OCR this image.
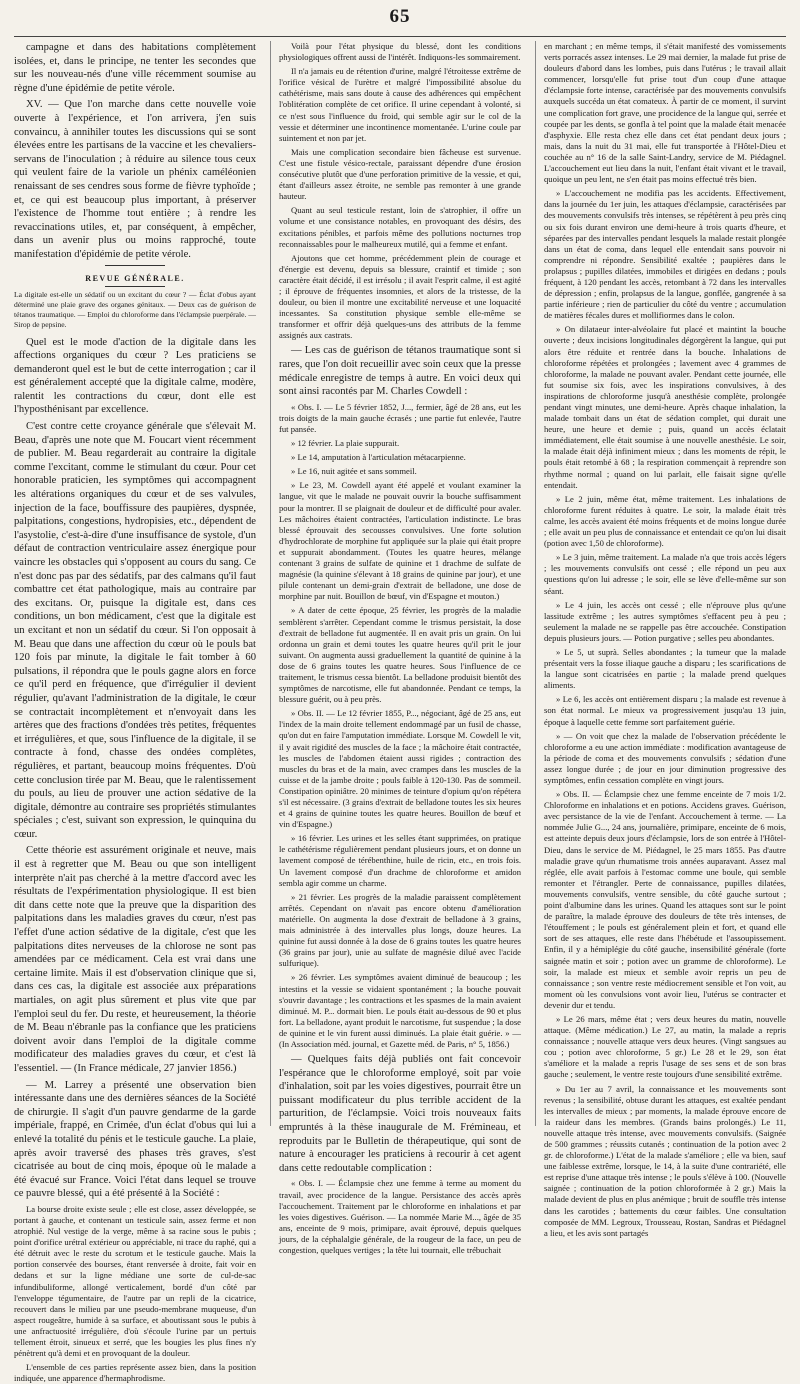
65

campagne et dans des habitations complètement isolées, et, dans le principe, ne tenter les secondes que sur les nouveau-nés d'une ville récemment soumise au règne d'une épidémie de petite vérole.

XV. — Que l'on marche dans cette nouvelle voie ouverte à l'expérience, et l'on arrivera, j'en suis convaincu, à annihiler toutes les discussions qui se sont élevées entre les partisans de la vaccine et les chevaliers-servans de l'inoculation ; à réduire au silence tous ceux qui veulent faire de la variole un phénix caméléonien renaissant de ses cendres sous forme de fièvre typhoïde ; et, ce qui est beaucoup plus important, à préserver l'existence de l'homme tout entière ; à rendre les revaccinations utiles, et, par conséquent, à empêcher, dans un avenir plus ou moins rapproché, toute manifestation d'épidémie de petite vérole.

REVUE GÉNÉRALE.
La digitale est-elle un sédatif ou un excitant du cœur ? — Éclat d'obus ayant déterminé une plaie grave des organes génitaux. — Deux cas de guérison de tétanos traumatique. — Emploi du chloroforme dans l'éclampsie puerpérale. — Sirop de pepsine.

Quel est le mode d'action de la digitale dans les affections organiques du cœur ? Les praticiens se demanderont quel est le but de cette interrogation ; car il est généralement accepté que la digitale calme, modère, ralentit les contractions du cœur, dont elle est l'hyposthénisant par excellence.

C'est contre cette croyance générale que s'élevait M. Beau, d'après une note que M. Foucart vient récemment de publier. M. Beau regarderait au contraire la digitale comme l'excitant, comme le stimulant du cœur. Pour cet honorable praticien, les symptômes qui accompagnent les altérations organiques du cœur et de ses valvules, injection de la face, bouffissure des paupières, dyspnée, palpitations, congestions, hydropisies, etc., dépendent de l'asystolie, c'est-à-dire d'une insuffisance de systole, d'un défaut de contraction ventriculaire assez énergique pour vaincre les obstacles qui s'opposent au cours du sang. Ce n'est donc pas par des sédatifs, par des calmans qu'il faut combattre cet état pathologique, mais au contraire par des excitans. Or, puisque la digitale est, dans ces conditions, un bon médicament, c'est que la digitale est un excitant et non un sédatif du cœur. Si l'on opposait à M. Beau que dans une affection du cœur où le pouls bat 120 fois par minute, la digitale le fait tomber à 60 pulsations, il répondra que le pouls gagne alors en force ce qu'il perd en fréquence, que d'irrégulier il devient régulier, qu'avant l'administration de la digitale, le cœur se contractait incomplètement et n'envoyait dans les artères que des fractions d'ondées très petites, fréquentes et irrégulières, et que, sous l'influence de la digitale, il se contracte à fond, chasse des ondées complètes, régulières, et partant, beaucoup moins fréquentes. D'où cette conclusion tirée par M. Beau, que le ralentissement du pouls, au lieu de prouver une action sédative de la digitale, démontre au contraire ses propriétés stimulantes spéciales ; c'est, suivant son expression, le quinquina du cœur.

Cette théorie est assurément originale et neuve, mais il est à regretter que M. Beau ou que son intelligent interprète n'ait pas cherché à la mettre d'accord avec les résultats de l'expérimentation physiologique. Il est bien dit dans cette note que la preuve que la disparition des palpitations dans les maladies graves du cœur, n'est pas l'effet d'une action sédative de la digitale, c'est que les palpitations dites nerveuses de la chlorose ne sont pas amendées par ce médicament. Cela est vrai dans une certaine limite. Mais il est d'observation clinique que si, dans ces cas, la digitale est associée aux préparations martiales, on agit plus sûrement et plus vite que par l'emploi seul du fer. Du reste, et heureusement, la théorie de M. Beau n'ébranle pas la confiance que les praticiens doivent avoir dans l'emploi de la digitale comme modificateur des maladies graves du cœur, et c'est là l'essentiel. — (In France médicale, 27 janvier 1856.)

— M. Larrey a présenté une observation bien intéressante dans une des dernières séances de la Société de chirurgie. Il s'agit d'un pauvre gendarme de la garde impériale, frappé, en Crimée, d'un éclat d'obus qui lui a enlevé la totalité du pénis et le testicule gauche. La plaie, après avoir traversé des phases très graves, s'est cicatrisée au bout de cinq mois, époque où le malade a été évacué sur France. Voici l'état dans lequel se trouve ce pauvre blessé, qui a été présenté à la Société :

La bourse droite existe seule ; elle est close, assez développée, se portant à gauche, et contenant un testicule sain, assez ferme et non atrophié. Nul vestige de la verge, même à sa racine sous le pubis ; point d'orifice urétral extérieur ou appréciable, ni trace du raphé, qui a été détruit avec le reste du scrotum et le testicule gauche. Mais la portion conservée des bourses, étant renversée à droite, fait voir en dedans et sur la ligne médiane une sorte de cul-de-sac infundibuliforme, allongé verticalement, bordé d'un côté par l'enveloppe tégumentaire, de l'autre par un repli de la cicatrice, recouvert dans le milieu par une pseudo-membrane muqueuse, d'un aspect rougeâtre, humide à sa surface, et aboutissant sous le pubis à une anfractuosité irrégulière, d'où s'écoule l'urine par un pertuis tellement étroit, sinueux et serré, que les bougies les plus fines n'y pénètrent qu'à demi et en provoquant de la douleur.

L'ensemble de ces parties représente assez bien, dans la position indiquée, une apparence d'hermaphrodisme.

Voilà pour l'état physique du blessé, dont les conditions physiologiques offrent aussi de l'intérêt. Indiquons-les sommairement.

Il n'a jamais eu de rétention d'urine, malgré l'étroitesse extrême de l'orifice vésical de l'urètre et malgré l'impossibilité absolue du cathétérisme, mais sans doute à cause des adhérences qui empêchent l'oblitération complète de cet orifice. Il urine cependant à volonté, si ce n'est sous l'influence du froid, qui semble agir sur le col de la vessie et déterminer une incontinence momentanée. L'urine coule par suintement et non par jet.

Mais une complication secondaire bien fâcheuse est survenue. C'est une fistule vésico-rectale, paraissant dépendre d'une érosion consécutive plutôt que d'une perforation primitive de la vessie, et qui, étant d'ailleurs assez étroite, ne semble pas remonter à une grande hauteur.

Quant au seul testicule restant, loin de s'atrophier, il offre un volume et une consistance notables, en provoquant des désirs, des excitations pénibles, et parfois même des pollutions nocturnes trop reconnaissables pour le malheureux mutilé, qui a femme et enfant.

Ajoutons que cet homme, précédemment plein de courage et d'énergie est devenu, depuis sa blessure, craintif et timide ; son caractère était décidé, il est irrésolu ; il avait l'esprit calme, il est agité ; il éprouve de fréquentes insomnies, et alors de la tristesse, de la douleur, ou bien il montre une excitabilité nerveuse et une loquacité incessantes. Sa constitution physique semble elle-même se transformer et offrir déjà quelques-uns des attributs de la femme assignés aux castrats.

— Les cas de guérison de tétanos traumatique sont si rares, que l'on doit recueillir avec soin ceux que la presse médicale enregistre de temps à autre. En voici deux qui sont ainsi racontés par M. Charles Cowdell :

« Obs. I. — Le 5 février 1852, J..., fermier, âgé de 28 ans, eut les trois doigts de la main gauche écrasés ; une partie fut enlevée, l'autre fut pansée.

» 12 février. La plaie suppurait.

» Le 14, amputation à l'articulation métacarpienne.

» Le 16, nuit agitée et sans sommeil.

» Le 23, M. Cowdell ayant été appelé et voulant examiner la langue, vit que le malade ne pouvait ouvrir la bouche suffisamment pour la montrer. Il se plaignait de douleur et de difficulté pour avaler. Les mâchoires étaient contractées, l'articulation indistincte. Le bras blessé éprouvait des secousses convulsives. Une forte solution d'hydrochlorate de morphine fut appliquée sur la plaie qui était propre et suppurait abondamment. (Toutes les quatre heures, mélange contenant 3 grains de sulfate de quinine et 1 drachme de sulfate de magnésie (la quinine s'élevant à 18 grains de quinine par jour), et une pilule contenant un demi-grain d'extrait de belladone, une dose de morphine par nuit. Bouillon de bœuf, vin d'Espagne et mouton.)

» A dater de cette époque, 25 février, les progrès de la maladie semblèrent s'arrêter. Cependant comme le trismus persistait, la dose d'extrait de belladone fut augmentée. Il en avait pris un grain. On lui ordonna un grain et demi toutes les quatre heures qu'il prit le jour suivant. On augmenta aussi graduellement la quantité de quinine à la dose de 6 grains toutes les quatre heures. Sous l'influence de ce traitement, le trismus cessa bientôt. La belladone produisit bientôt des symptômes de narcotisme, elle fut abandonnée. Pendant ce temps, la blessure guérit, ou à peu près.

» Obs. II. — Le 12 février 1855, P..., négociant, âgé de 25 ans, eut l'index de la main droite tellement endommagé par un fusil de chasse, qu'on dut en faire l'amputation immédiate. Lorsque M. Cowdell le vit, il y avait rigidité des muscles de la face ; la mâchoire était contractée, les muscles de l'abdomen étaient aussi rigides ; contraction des muscles du bras et de la main, avec crampes dans les muscles de la cuisse et de la jambe droite ; pouls faible à 120-130. Pas de sommeil. Constipation opiniâtre. 20 minimes de teinture d'opium qu'on répétera s'il est nécessaire. (3 grains d'extrait de belladone toutes les six heures et 4 grains de quinine toutes les quatre heures. Bouillon de bœuf et vin d'Espagne.)

» 16 février. Les urines et les selles étant supprimées, on pratique le cathétérisme régulièrement pendant plusieurs jours, et on donne un lavement composé de térébenthine, huile de ricin, etc., en trois fois. Un lavement composé d'un drachme de chloroforme et amidon sembla agir comme un charme.

» 21 février. Les progrès de la maladie paraissent complètement arrêtés. Cependant on n'avait pas encore obtenu d'amélioration matérielle. On augmenta la dose d'extrait de belladone à 3 grains, mais administrée à des intervalles plus longs, douze heures. La quinine fut aussi donnée à la dose de 6 grains toutes les quatre heures (36 grains par jour), unie au sulfate de magnésie dilué avec l'acide sulfurique).

» 26 février. Les symptômes avaient diminué de beaucoup ; les intestins et la vessie se vidaient spontanément ; la bouche pouvait s'ouvrir davantage ; les contractions et les spasmes de la main avaient diminué. M. P... dormait bien. Le pouls était au-dessous de 90 et plus fort. La belladone, ayant produit le narcotisme, fut suspendue ; la dose de quinine et le vin furent aussi diminués. La plaie était guérie. » — (In Association méd. journal, et Gazette méd. de Paris, n° 5, 1856.)

— Quelques faits déjà publiés ont fait concevoir l'espérance que le chloroforme employé, soit par voie d'inhalation, soit par les voies digestives, pourrait être un puissant modificateur du plus terrible accident de la parturition, de l'éclampsie. Voici trois nouveaux faits empruntés à la thèse inaugurale de M. Frémineau, et reproduits par le Bulletin de thérapeutique, qui sont de nature à encourager les praticiens à recourir à cet agent dans cette redoutable complication :

« Obs. I. — Éclampsie chez une femme à terme au moment du travail, avec procidence de la langue. Persistance des accès après l'accouchement. Traitement par le chloroforme en inhalations et par les voies digestives. Guérison. — La nommée Marie M..., âgée de 35 ans, enceinte de 9 mois, primipare, avait éprouvé, depuis quelques jours, de la céphalalgie générale, de la rougeur de la face, un peu de congestion, quelques vertiges ; la tête lui tournait, elle trébuchait

en marchant ; en même temps, il s'était manifesté des vomissements verts porracés assez intenses. Le 29 mai dernier, la malade fut prise de douleurs d'abord dans les lombes, puis dans l'utérus ; le travail allait commencer, lorsqu'elle fut prise tout d'un coup d'une attaque d'éclampsie forte intense, caractérisée par des mouvements convulsifs auxquels succéda un état comateux. À partir de ce moment, il survint une complication fort grave, une procidence de la langue qui, serrée et coupée par les dents, se gonfla à tel point que la malade était menacée d'asphyxie. Elle resta chez elle dans cet état pendant deux jours ; mais, dans la nuit du 31 mai, elle fut transportée à l'Hôtel-Dieu et couchée au n° 16 de la salle Saint-Landry, service de M. Piédagnel. L'accouchement eut lieu dans la nuit, l'enfant était vivant et le travail, quoique un peu lent, ne s'en était pas moins effectué très bien.

» L'accouchement ne modifia pas les accidents. Effectivement, dans la journée du 1er juin, les attaques d'éclampsie, caractérisées par des mouvements convulsifs très intenses, se répétèrent à peu près cinq ou six fois durant environ une demi-heure à trois quarts d'heure, et séparées par des intervalles pendant lesquels la malade restait plongée dans un état de coma, dans lequel elle entendait sans pouvoir ni comprendre ni répondre. Sensibilité exaltée ; paupières dans le prolapsus ; pupilles dilatées, immobiles et dirigées en dedans ; pouls fréquent, à 120 pendant les accès, retombant à 72 dans les intervalles de dépression ; enfin, prolapsus de la langue, gonflée, gangrenée à sa partie inférieure ; rien de particulier du côté du ventre ; accumulation de matières fécales dures et mollifiormes dans le colon.

» On dilataeur inter-alvéolaire fut placé et maintint la bouche ouverte ; deux incisions longitudinales dégorgèrent la langue, qui put alors être réduite et rentrée dans la bouche. Inhalations de chloroforme répétées et prolongées ; lavement avec 4 grammes de chloroforme, la malade ne pouvant avaler. Pendant cette journée, elle fut soumise six fois, avec les inspirations convulsives, à des inspirations de chloroforme jusqu'à anesthésie complète, prolongée pendant vingt minutes, une demi-heure. Après chaque inhalation, la malade tombait dans un état de sédation complet, qui durait une heure, une heure et demie ; puis, quand un accès éclatait immédiatement, elle était soumise à une nouvelle anesthésie. Le soir, la malade était déjà infiniment mieux ; dans les moments de répit, le pouls était retombé à 68 ; la respiration commençait à reprendre son rhythme normal ; quand on lui parlait, elle faisait signe qu'elle entendait.

» Le 2 juin, même état, même traitement. Les inhalations de chloroforme furent réduites à quatre. Le soir, la malade était très calme, les accès avaient été moins fréquents et de moins longue durée ; elle avait un peu plus de connaissance et entendait ce qu'on lui disait (potion avec 1,50 de chloroforme).

» Le 3 juin, même traitement. La malade n'a que trois accès légers ; les mouvements convulsifs ont cessé ; elle répond un peu aux questions qu'on lui adresse ; le soir, elle se lève d'elle-même sur son séant.

» Le 4 juin, les accès ont cessé ; elle n'éprouve plus qu'une lassitude extrême ; les autres symptômes s'effacent peu à peu ; seulement la malade ne se rappelle pas être accouchée. Constipation depuis plusieurs jours. — Potion purgative ; selles peu abondantes.

» Le 5, ut suprà. Selles abondantes ; la tumeur que la malade présentait vers la fosse iliaque gauche a disparu ; les scarifications de la langue sont cicatrisées en partie ; la malade prend quelques aliments.

» Le 6, les accès ont entièrement disparu ; la malade est revenue à son état normal. Le mieux va progressivement jusqu'au 13 juin, époque à laquelle cette femme sort parfaitement guérie.

» — On voit que chez la malade de l'observation précédente le chloroforme a eu une action immédiate : modification avantageuse de la période de coma et des mouvements convulsifs ; sédation d'une assez longue durée ; de jour en jour diminution progressive des symptômes, enfin cessation complète en vingt jours.

» Obs. II. — Éclampsie chez une femme enceinte de 7 mois 1/2. Chloroforme en inhalations et en potions. Accidens graves. Guérison, avec persistance de la vie de l'enfant. Accouchement à terme. — La nommée Julie G..., 24 ans, journalière, primipare, enceinte de 6 mois, est atteinte depuis deux jours d'éclampsie, lors de son entrée à l'Hôtel-Dieu, dans le service de M. Piédagnel, le 25 mars 1855. Pas d'autre maladie grave qu'un rhumatisme trois années auparavant. Assez mal réglée, elle avait parfois à l'estomac comme une boule, qui semble remonter et l'étrangler. Perte de connaissance, pupilles dilatées, mouvements convulsifs, ventre sensible, du côté gauche surtout ; point d'albumine dans les urines. Quand les attaques sont sur le point de paraître, la malade éprouve des douleurs de tête très intenses, de l'étouffement ; le pouls est généralement plein et fort, et quand elle sort de ses attaques, elle reste dans l'hébétude et l'assoupissement. Enfin, il y a hémiplégie du côté gauche, insensibilité générale (forte saignée matin et soir ; potion avec un gramme de chloroforme). Le soir, la malade est mieux et semble avoir repris un peu de connaissance ; son ventre reste médiocrement sensible et l'on voit, au moment où les convulsions vont avoir lieu, l'utérus se contracter et devenir dur et tendu.

» Le 26 mars, même état ; vers deux heures du matin, nouvelle attaque. (Même médication.) Le 27, au matin, la malade a repris connaissance ; nouvelle attaque vers deux heures. (Vingt sangsues au cou ; potion avec chloroforme, 5 gr.) Le 28 et le 29, son état s'améliore et la malade a repris l'usage de ses sens et de son bras gauche ; seulement, le ventre reste toujours d'une sensibilité extrême.

» Du 1er au 7 avril, la connaissance et les mouvements sont revenus ; la sensibilité, obtuse durant les attaques, est exaltée pendant les intervalles de mieux ; par moments, la malade éprouve encore de la raideur dans les membres. (Grands bains prolongés.) Le 11, nouvelle attaque très intense, avec mouvements convulsifs. (Saignée de 500 grammes ; réussits cutanés ; continuation de la potion avec 2 gr. de chloroforme.) L'état de la malade s'améliore ; elle va bien, sauf une faiblesse extrême, lorsque, le 14, à la suite d'une contrariété, elle est reprise d'une attaque très intense ; le pouls s'élève à 100. (Nouvelle saignée ; continuation de la potion chloroformée à 2 gr.) Mais la malade devient de plus en plus anémique ; bruit de souffle très intense dans les carotides ; battements du cœur faibles. Une consultation composée de MM. Legroux, Trousseau, Rostan, Sandras et Piédagnel a lieu, et les avis sont partagés
